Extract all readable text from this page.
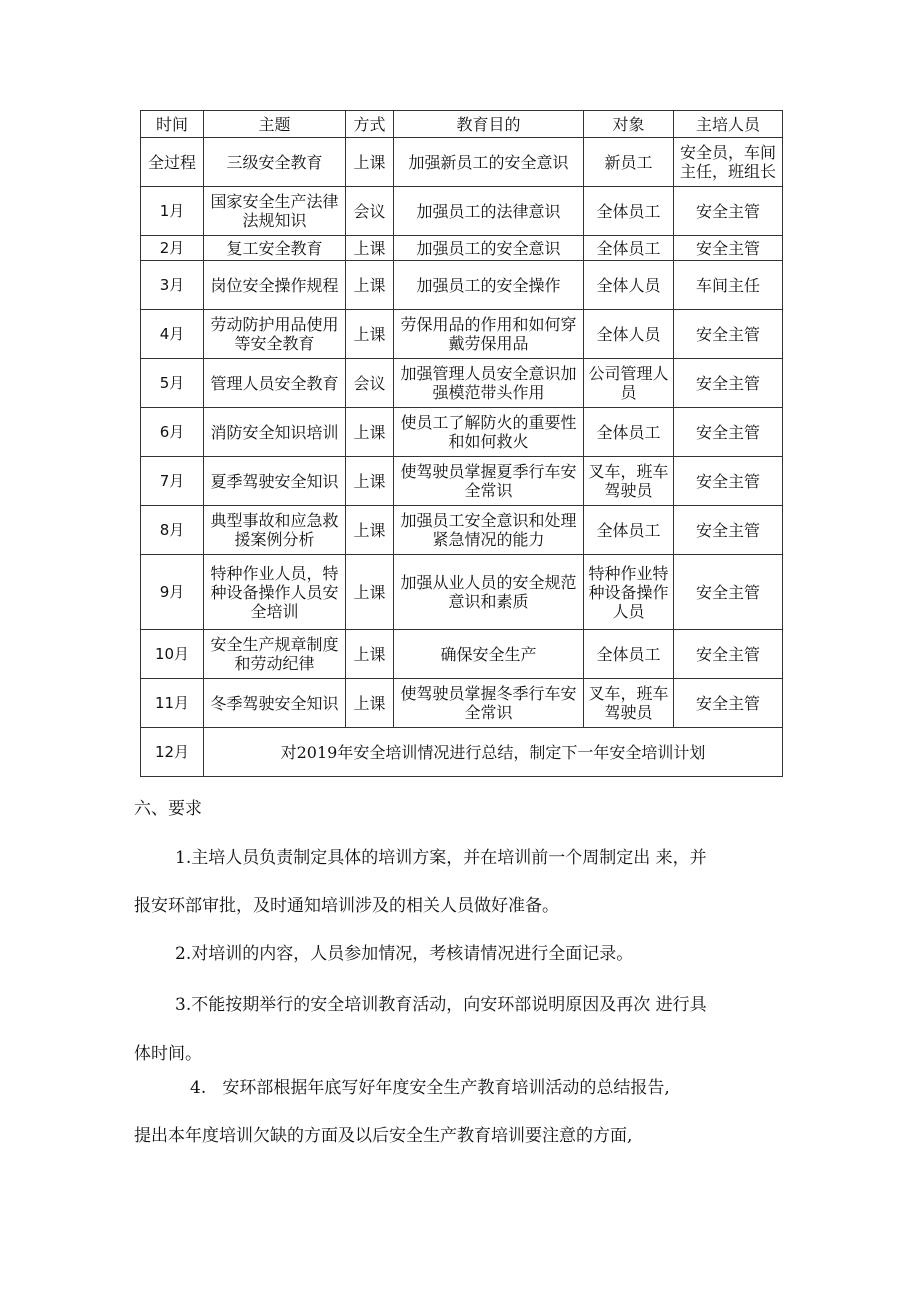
时间	主题	方式	教育目的	对象	主培人员
全过程	三级安全教育	上课	加强新员工的安全意识	新员工	安全员，车间主任，班组长
1月	国家安全生产法律法规知识	会议	加强员工的法律意识	全体员工	安全主管
2月	复工安全教育	上课	加强员工的安全意识	全体员工	安全主管
3月	岗位安全操作规程	上课	加强员工的安全操作	全体人员	车间主任
4月	劳动防护用品使用等安全教育	上课	劳保用品的作用和如何穿戴劳保用品	全体人员	安全主管
5月	管理人员安全教育	会议	加强管理人员安全意识加强模范带头作用	公司管理人员	安全主管
6月	消防安全知识培训	上课	使员工了解防火的重要性和如何救火	全体员工	安全主管
7月	夏季驾驶安全知识	上课	使驾驶员掌握夏季行车安全常识	叉车，班车驾驶员	安全主管
8月	典型事故和应急救援案例分析	上课	加强员工安全意识和处理紧急情况的能力	全体员工	安全主管
9月	特种作业人员，特种设备操作人员安全培训	上课	加强从业人员的安全规范意识和素质	特种作业特种设备操作人员	安全主管
10月	安全生产规章制度和劳动纪律	上课	确保安全生产	全体员工	安全主管
11月	冬季驾驶安全知识	上课	使驾驶员掌握冬季行车安全常识	叉车，班车驾驶员	安全主管
12月	对2019年安全培训情况进行总结，制定下一年安全培训计划				
六、要求
1.主培人员负责制定具体的培训方案，并在培训前一个周制定出 来，并
报安环部审批，及时通知培训涉及的相关人员做好准备。
2.对培训的内容，人员参加情况，考核请情况进行全面记录。
3.不能按期举行的安全培训教育活动，向安环部说明原因及再次 进行具
体时间。
4.   安环部根据年底写好年度安全生产教育培训活动的总结报告,
提出本年度培训欠缺的方面及以后安全生产教育培训要注意的方面,
